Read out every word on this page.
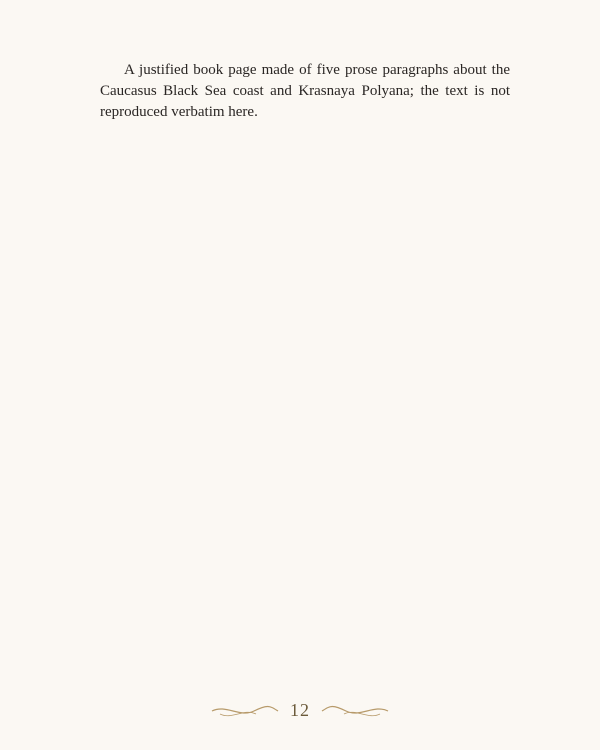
A justified book page made of five prose paragraphs about the Caucasus Black Sea coast and Krasnaya Polyana; the text is not reproduced verbatim here.

12
